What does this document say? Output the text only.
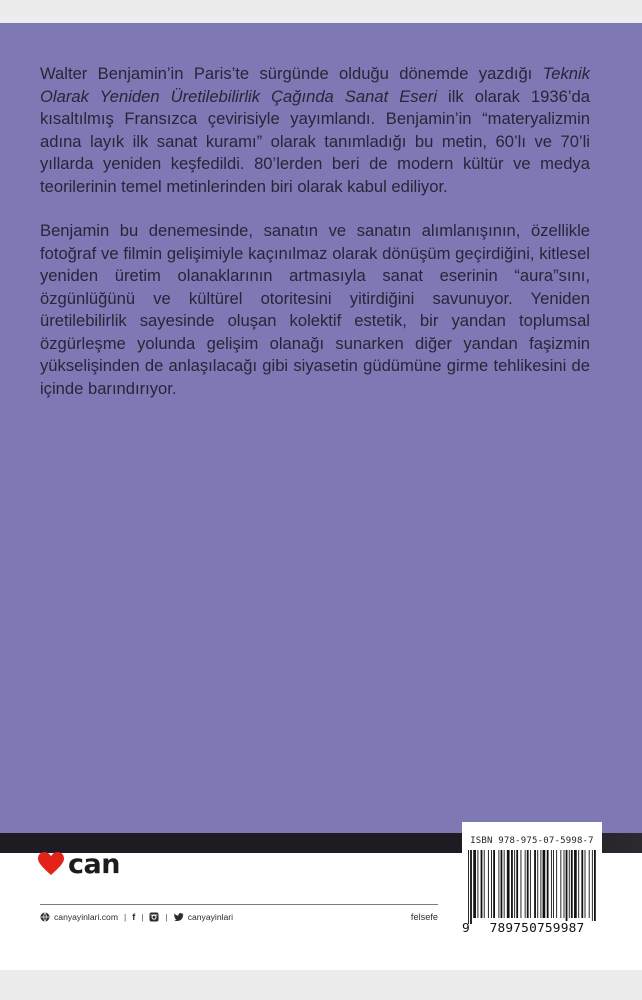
Walter Benjamin’in Paris’te sürgünde olduğu dönemde yazdığı Teknik Olarak Yeniden Üretilebilirlik Çağında Sanat Eseri ilk olarak 1936’da kısaltılmış Fransızca çevirisiyle yayımlandı. Benjamin’in “materyalizmin adına layık ilk sanat kuramı” olarak tanımladığı bu metin, 60’lı ve 70’li yıllarda yeniden keşfedildi. 80’lerden beri de modern kültür ve medya teorilerinin temel metinlerinden biri olarak kabul ediliyor.

Benjamin bu denemesinde, sanatın ve sanatın alımlanışının, özellikle fotoğraf ve filmin gelişimiyle kaçınılmaz olarak dönüşüm geçirdiğini, kitlesel yeniden üretim olanaklarının artmasıyla sanat eserinin “aura”sını, özgünlüğünü ve kültürel otoritesini yitirdiğini savunuyor. Yeniden üretilebilirlik sayesinde oluşan kolektif estetik, bir yandan toplumsal özgürleşme yolunda gelişim olanağı sunarken diğer yandan faşizmin yükselişinden de anlaşılacağı gibi siyasetin güdümüne girme tehlikesini de içinde barındırıyor.

can
canyayinlari.com | f |	| canyayinlari	felsefe
ISBN 978-975-07-5998-7
9	789750759987
